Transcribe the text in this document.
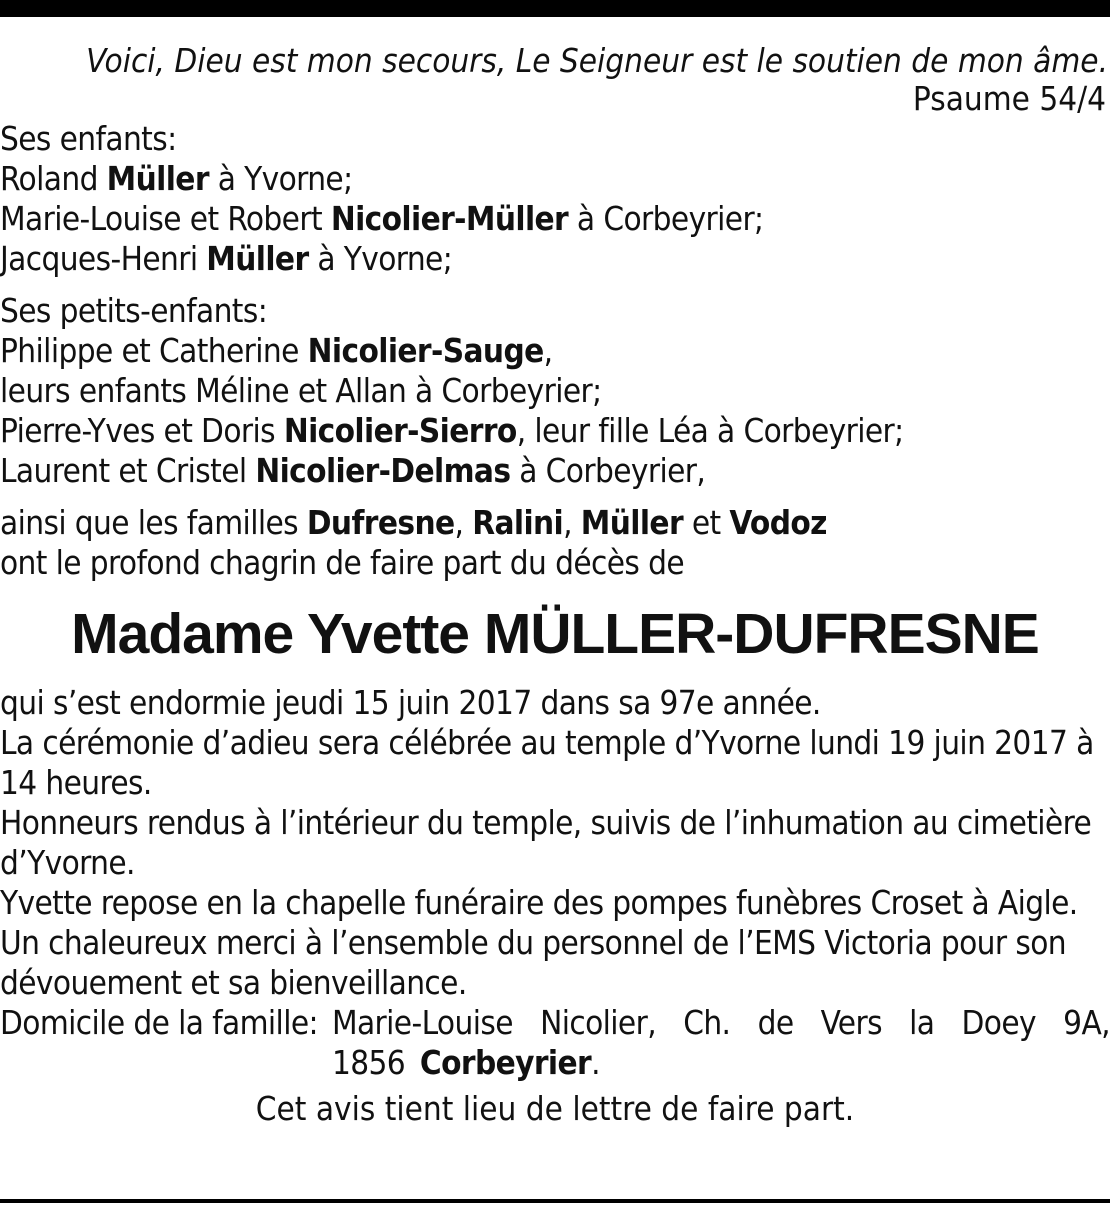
Voici, Dieu est mon secours, Le Seigneur est le soutien de mon âme.
Psaume 54/4
Ses enfants:
Roland Müller à Yvorne;
Marie-Louise et Robert Nicolier-Müller à Corbeyrier;
Jacques-Henri Müller à Yvorne;
Ses petits-enfants:
Philippe et Catherine Nicolier-Sauge,
leurs enfants Méline et Allan à Corbeyrier;
Pierre-Yves et Doris Nicolier-Sierro, leur fille Léa à Corbeyrier;
Laurent et Cristel Nicolier-Delmas à Corbeyrier,
ainsi que les familles Dufresne, Ralini, Müller et Vodoz
ont le profond chagrin de faire part du décès de
Madame Yvette MÜLLER-DUFRESNE
qui s’est endormie jeudi 15 juin 2017 dans sa 97e année.
La cérémonie d’adieu sera célébrée au temple d’Yvorne lundi 19 juin 2017 à 14 heures.
Honneurs rendus à l’intérieur du temple, suivis de l’inhumation au cimetière d’Yvorne.
Yvette repose en la chapelle funéraire des pompes funèbres Croset à Aigle.
Un chaleureux merci à l’ensemble du personnel de l’EMS Victoria pour son dévouement et sa bienveillance.
Domicile de la famille: Marie-Louise Nicolier, Ch. de Vers la Doey 9A, 1856 Corbeyrier.
Cet avis tient lieu de lettre de faire part.
